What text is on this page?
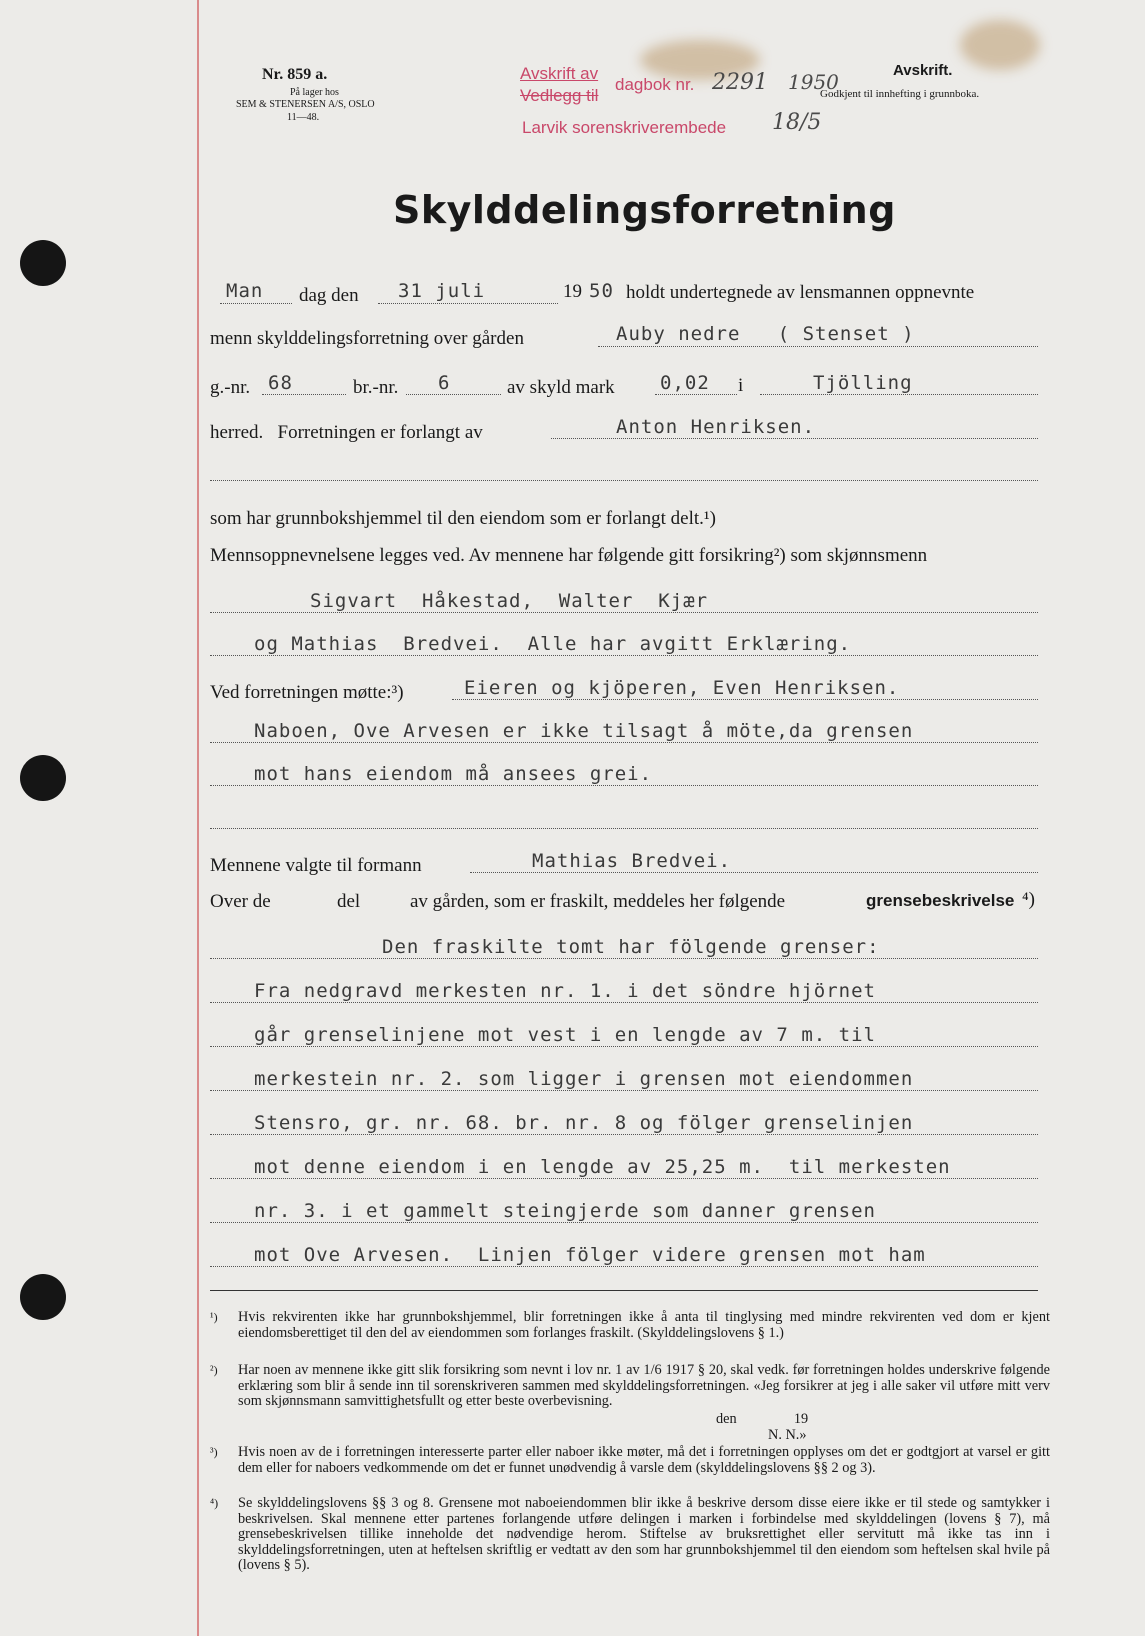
Nr. 859 a.
På lager hos
SEM & STENERSEN A/S, OSLO
11—48.
Avskrift av
Vedlegg til
dagbok nr. 2291 1950
Larvik sorenskriverembede 18/5
Avskrift.
Godkjent til innhefting i grunnboka.
Skylddelingsforretning
Man dag den 31 juli	19 50 holdt undertegnede av lensmannen oppnevnte
menn skylddelingsforretning over gården	Auby nedre   ( Stenset )
g.-nr. 68	br.-nr. 6	av skyld mark 0,02 i	Tjölling
herred.   Forretningen er forlangt av	Anton Henriksen.
som har grunnbokshjemmel til den eiendom som er forlangt delt.¹)
Mennsoppnevnelsene legges ved. Av mennene har følgende gitt forsikring²) som skjønnsmenn
Sigvart  Håkestad,  Walter  Kjær
og Mathias  Bredvei.  Alle har avgitt Erklæring.
Ved forretningen møtte:³)	Eieren og kjöperen, Even Henriksen.
Naboen, Ove Arvesen er ikke tilsagt å möte,da grensen
mot hans eiendom må ansees grei.
Mennene valgte til formann	Mathias Bredvei.
Over de	del	av gården, som er fraskilt, meddeles her følgende	grensebeskrivelse ⁴)
Den fraskilte tomt har fölgende grenser:
Fra nedgravd merkesten nr. 1. i det söndre hjörnet
går grenselinjene mot vest i en lengde av 7 m. til
merkestein nr. 2. som ligger i grensen mot eiendommen
Stensro, gr. nr. 68. br. nr. 8 og fölger grenselinjen
mot denne eiendom i en lengde av 25,25 m.  til merkesten
nr. 3. i et gammelt steingjerde som danner grensen
mot Ove Arvesen.  Linjen fölger videre grensen mot ham
¹) Hvis rekvirenten ikke har grunnbokshjemmel, blir forretningen ikke å anta til tinglysing med mindre rekvirenten ved dom er kjent eiendomsberettiget til den del av eiendommen som forlanges fraskilt. (Skylddelingslovens § 1.)
²) Har noen av mennene ikke gitt slik forsikring som nevnt i lov nr. 1 av 1/6 1917 § 20, skal vedk. før forretningen holdes underskrive følgende erklæring som blir å sende inn til sorenskriveren sammen med skylddelingsforretningen. «Jeg forsikrer at jeg i alle saker vil utføre mitt verv som skjønnsmann samvittighetsfullt og etter beste overbevisning.
den                19
N. N.»
³) Hvis noen av de i forretningen interesserte parter eller naboer ikke møter, må det i forretningen opplyses om det er godtgjort at varsel er gitt dem eller for naboers vedkommende om det er funnet unødvendig å varsle dem (skylddelingslovens §§ 2 og 3).
⁴) Se skylddelingslovens §§ 3 og 8. Grensene mot naboeiendommen blir ikke å beskrive dersom disse eiere ikke er til stede og samtykker i beskrivelsen. Skal mennene etter partenes forlangende utføre delingen i marken i forbindelse med skylddelingen (lovens § 7), må grensebeskrivelsen tillike inneholde det nødvendige herom. Stiftelse av bruksrettighet eller servitutt må ikke tas inn i skylddelingsforretningen, uten at heftelsen skriftlig er vedtatt av den som har grunnbokshjemmel til den eiendom som heftelsen skal hvile på (lovens § 5).
